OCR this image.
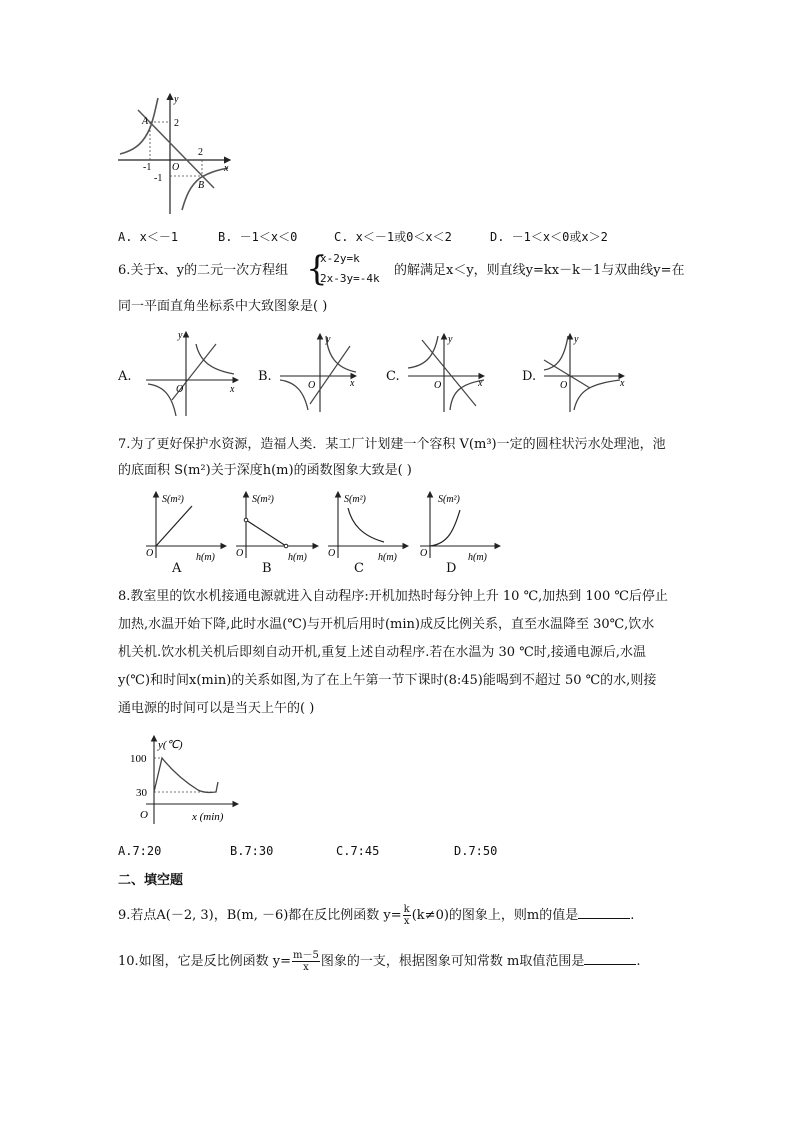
y
x
2
-1 O
2
-1
A
B
A. x＜－1	B. －1＜x＜0	C. x＜－1或0＜x＜2	D. －1＜x＜0或x＞2
6.关于x、y的二元一次方程组 {
x-2y=k
2x-3y=-4k
的解满足x＜y，则直线y=kx－k－1与双曲线y=在
同一平面直角坐标系中大致图象是( )
A.	B.	C.	D.
y
x
O
y
x
O
y
x
O
y
x
O
7.为了更好保护水资源，造福人类．某工厂计划建一个容积 V(m³)一定的圆柱状污水处理池，池
的底面积 S(m²)关于深度h(m)的函数图象大致是( )
S(m²)
h(m)
O
S(m²)
h(m)
O
S(m²)
h(m)
O
S(m²)
h(m)
O
A	B	C	D
8.教室里的饮水机接通电源就进入自动程序:开机加热时每分钟上升 10 ℃,加热到 100 ℃后停止
加热,水温开始下降,此时水温(℃)与开机后用时(min)成反比例关系，直至水温降至 30℃,饮水
机关机.饮水机关机后即刻自动开机,重复上述自动程序.若在水温为 30 ℃时,接通电源后,水温
y(℃)和时间x(min)的关系如图,为了在上午第一节下课时(8:45)能喝到不超过 50 ℃的水,则接
通电源的时间可以是当天上午的( )
y(℃)
100
30
O	x (min)
A.7:20	B.7:30	C.7:45	D.7:50
二、填空题
9.若点A(－2, 3)，B(m, －6)都在反比例函数 $y= \frac{k}{x} (k\ne 0)$的图象上，则m的值是	.
10.如图，它是反比例函数 $y= \frac{m-5}{x}$ 图象的一支，根据图象可知常数 m取值范围是	.
